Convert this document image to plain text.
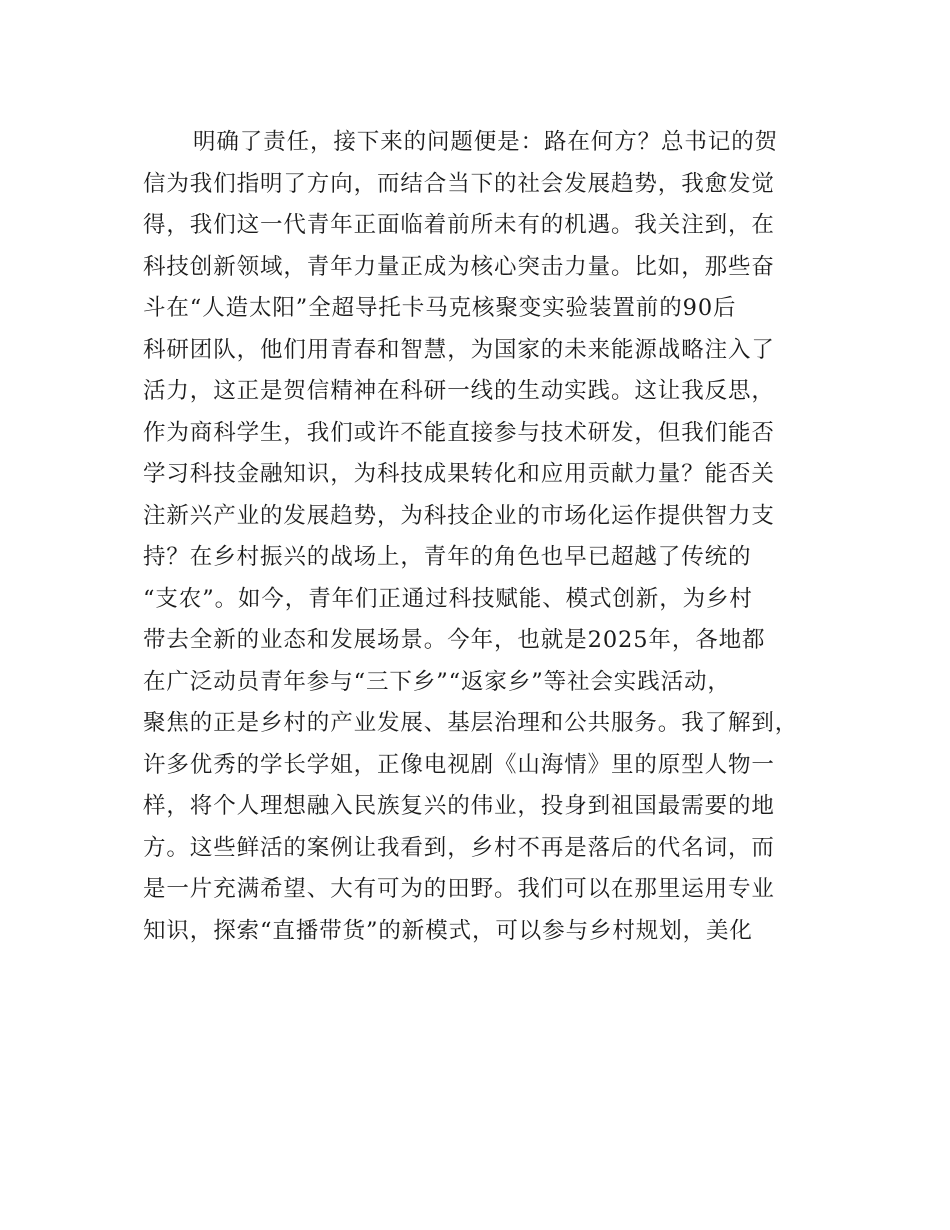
明确了责任，接下来的问题便是：路在何方？总书记的贺
信为我们指明了方向，而结合当下的社会发展趋势，我愈发觉
得，我们这一代青年正面临着前所未有的机遇。我关注到，在
科技创新领域，青年力量正成为核心突击力量。比如，那些奋
斗在“人造太阳”全超导托卡马克核聚变实验装置前的90后
科研团队，他们用青春和智慧，为国家的未来能源战略注入了
活力，这正是贺信精神在科研一线的生动实践。这让我反思，
作为商科学生，我们或许不能直接参与技术研发，但我们能否
学习科技金融知识，为科技成果转化和应用贡献力量？能否关
注新兴产业的发展趋势，为科技企业的市场化运作提供智力支
持？在乡村振兴的战场上，青年的角色也早已超越了传统的
“支农”。如今，青年们正通过科技赋能、模式创新，为乡村
带去全新的业态和发展场景。今年，也就是2025年，各地都
在广泛动员青年参与“三下乡”“返家乡”等社会实践活动，
聚焦的正是乡村的产业发展、基层治理和公共服务。我了解到，
许多优秀的学长学姐，正像电视剧《山海情》里的原型人物一
样，将个人理想融入民族复兴的伟业，投身到祖国最需要的地
方。这些鲜活的案例让我看到，乡村不再是落后的代名词，而
是一片充满希望、大有可为的田野。我们可以在那里运用专业
知识，探索“直播带货”的新模式，可以参与乡村规划，美化
